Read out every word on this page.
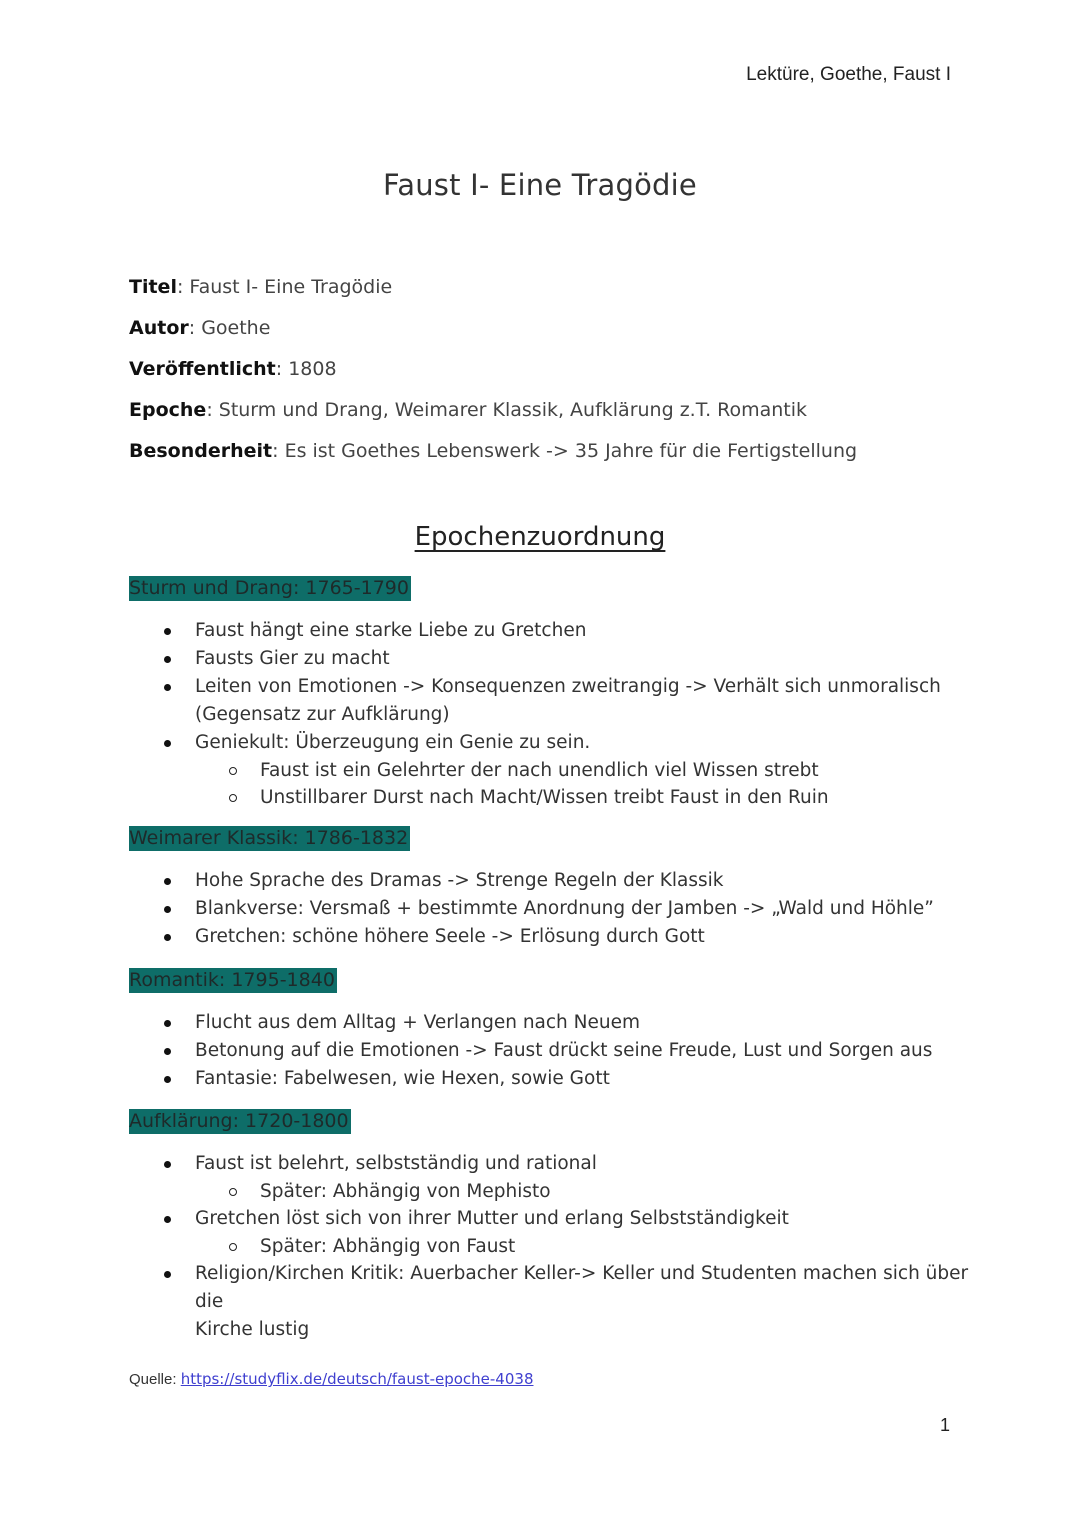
Lektüre, Goethe, Faust I
Faust I- Eine Tragödie
Titel: Faust I- Eine Tragödie
Autor: Goethe
Veröffentlicht: 1808
Epoche: Sturm und Drang, Weimarer Klassik, Aufklärung z.T. Romantik
Besonderheit: Es ist Goethes Lebenswerk -> 35 Jahre für die Fertigstellung
Epochenzuordnung
Sturm und Drang: 1765-1790
Faust hängt eine starke Liebe zu Gretchen
Fausts Gier zu macht
Leiten von Emotionen -> Konsequenzen zweitrangig -> Verhält sich unmoralisch
(Gegensatz zur Aufklärung)
Geniekult: Überzeugung ein Genie zu sein.
Faust ist ein Gelehrter der nach unendlich viel Wissen strebt
Unstillbarer Durst nach Macht/Wissen treibt Faust in den Ruin
Weimarer Klassik: 1786-1832
Hohe Sprache des Dramas -> Strenge Regeln der Klassik
Blankverse: Versmaß + bestimmte Anordnung der Jamben -> „Wald und Höhle”
Gretchen: schöne höhere Seele -> Erlösung durch Gott
Romantik: 1795-1840
Flucht aus dem Alltag + Verlangen nach Neuem
Betonung auf die Emotionen -> Faust drückt seine Freude, Lust und Sorgen aus
Fantasie: Fabelwesen, wie Hexen, sowie Gott
Aufklärung: 1720-1800
Faust ist belehrt, selbstständig und rational
Später: Abhängig von Mephisto
Gretchen löst sich von ihrer Mutter und erlang Selbstständigkeit
Später: Abhängig von Faust
Religion/Kirchen Kritik: Auerbacher Keller-> Keller und Studenten machen sich über die
Kirche lustig
Quelle: https://studyflix.de/deutsch/faust-epoche-4038
1
